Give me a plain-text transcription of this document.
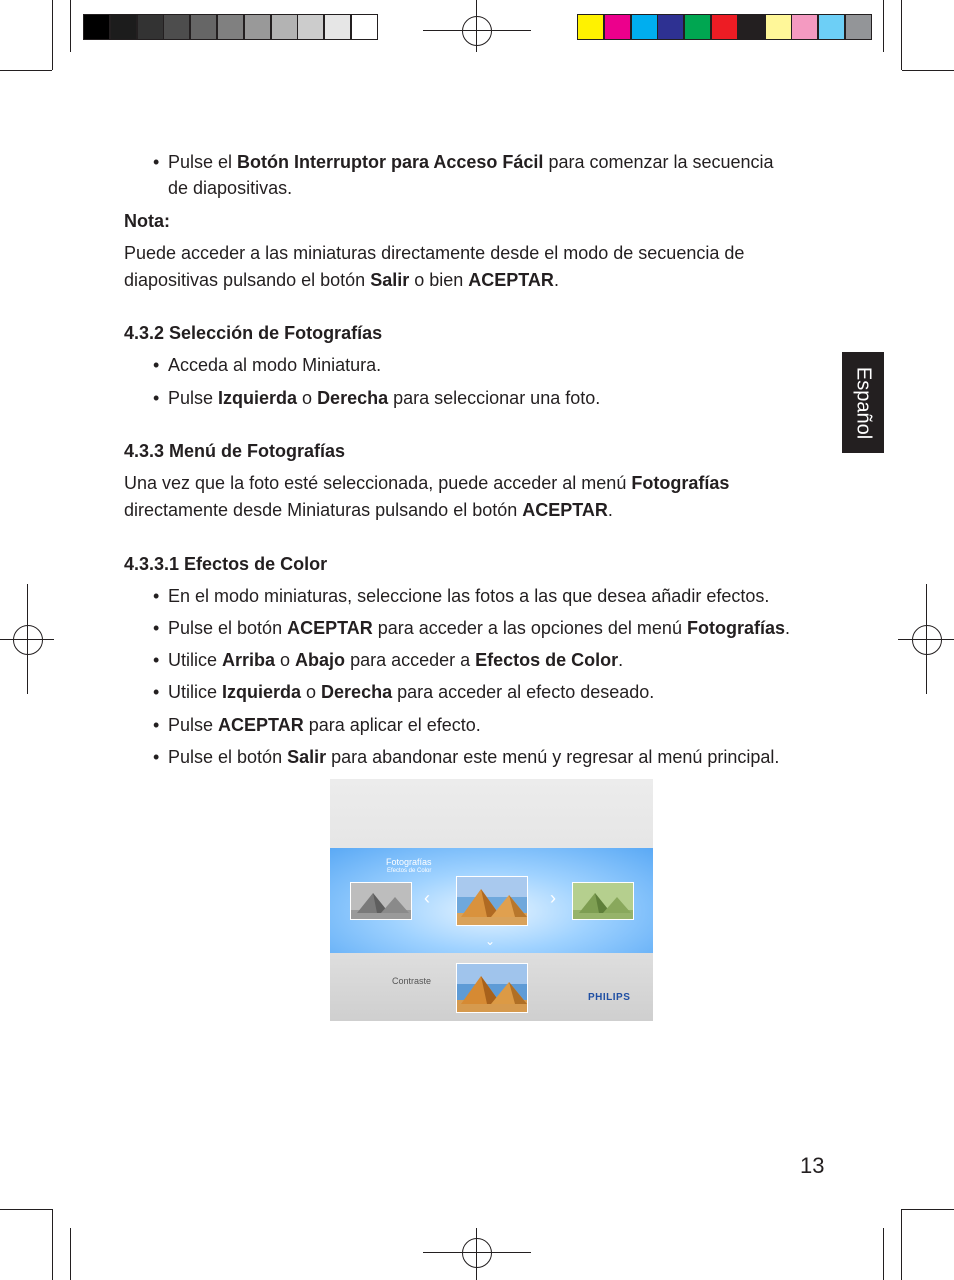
• Pulse el Botón Interruptor para Acceso Fácil para comenzar la secuencia
de diapositivas.
Nota:
Puede acceder a las miniaturas directamente desde el modo de secuencia de
diapositivas pulsando el botón Salir o bien ACEPTAR.
4.3.2 Selección de Fotografías
• Acceda al modo Miniatura.
• Pulse Izquierda o Derecha para seleccionar una foto.
4.3.3 Menú de Fotografías
Una vez que la foto esté seleccionada, puede acceder al menú Fotografías
directamente desde Miniaturas pulsando el botón ACEPTAR.
4.3.3.1 Efectos de Color
• En el modo miniaturas, seleccione las fotos a las que desea añadir efectos.
• Pulse el botón ACEPTAR para acceder a las opciones del menú Fotografías.
• Utilice Arriba o Abajo para acceder a Efectos de Color.
• Utilice Izquierda o Derecha para acceder al efecto deseado.
• Pulse ACEPTAR para aplicar el efecto.
• Pulse el botón Salir para abandonar este menú y regresar al menú principal.
Fotografías
Efectos de Color
‹	›
⌄
Contraste
PHILIPS
Español
13
